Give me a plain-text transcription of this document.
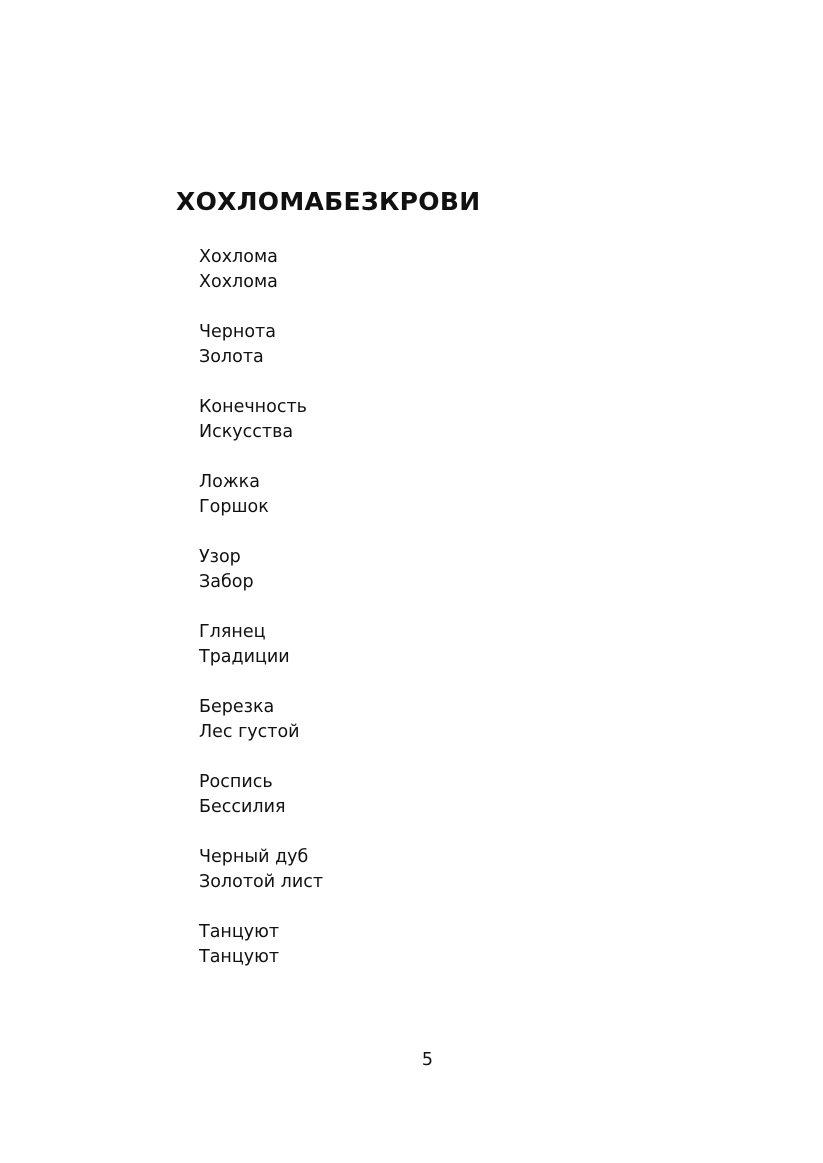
ХОХЛОМАБЕЗКРОВИ
Хохлома
Хохлома
Чернота
Золота
Конечность
Искусства
Ложка
Горшок
Узор
Забор
Глянец
Традиции
Березка
Лес густой
Роспись
Бессилия
Черный дуб
Золотой лист
Танцуют
Танцуют
5
